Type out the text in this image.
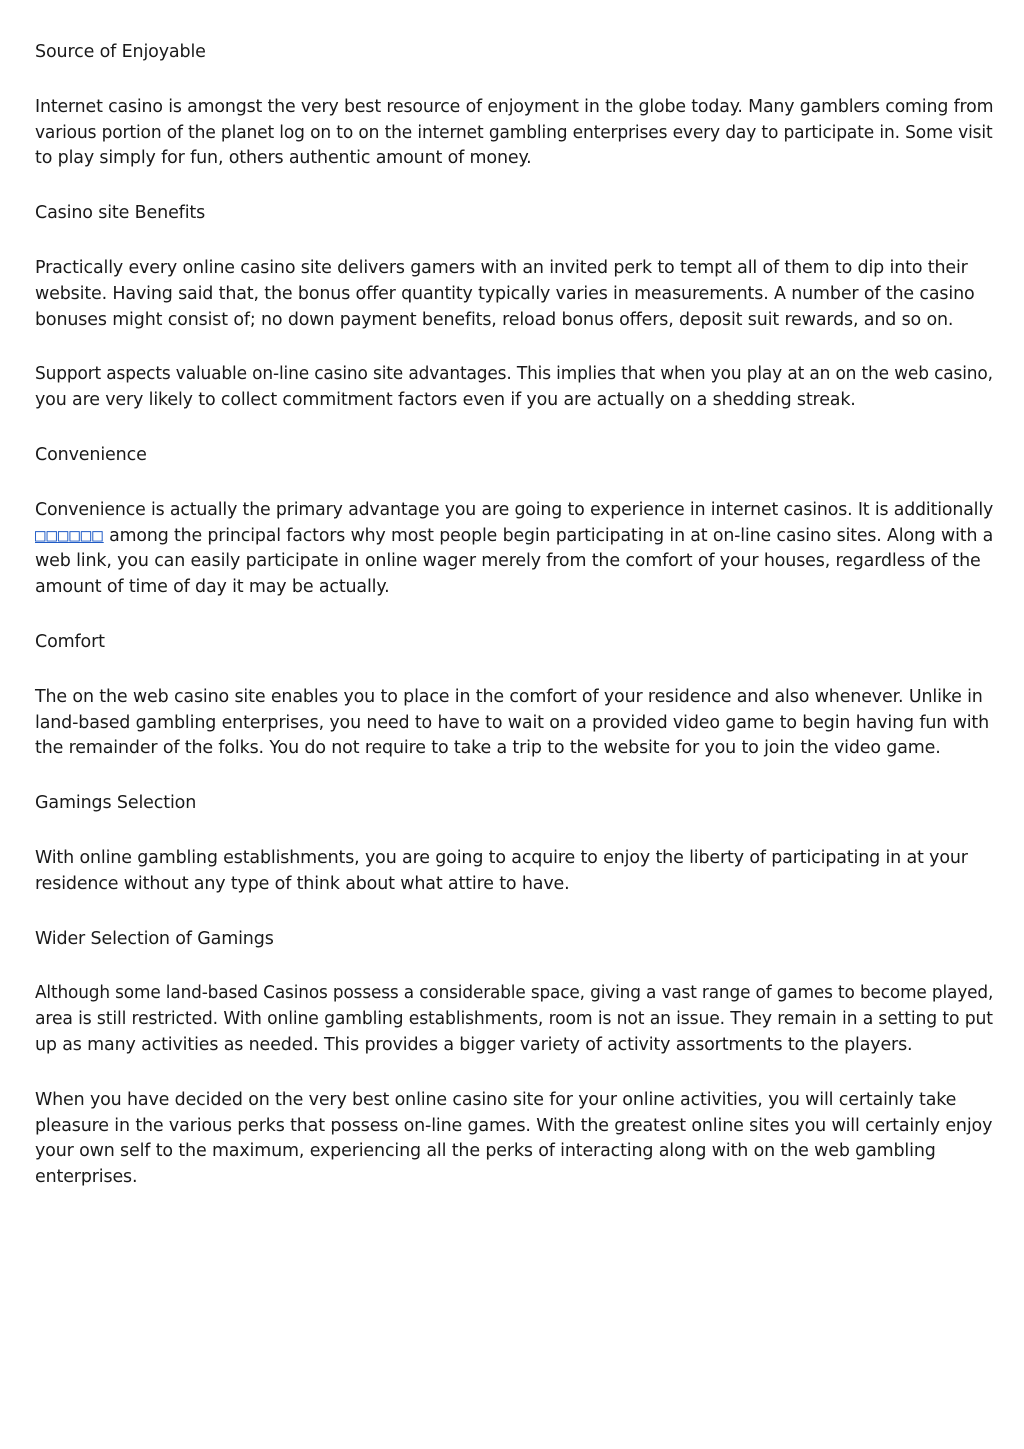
Source of Enjoyable

Internet casino is amongst the very best resource of enjoyment in the globe today. Many gamblers coming from

various portion of the planet log on to on the internet gambling enterprises every day to participate in. Some visit

to play simply for fun, others authentic amount of money.

Casino site Benefits

Practically every online casino site delivers gamers with an invited perk to tempt all of them to dip into their

website. Having said that, the bonus offer quantity typically varies in measurements. A number of the casino

bonuses might consist of; no down payment benefits, reload bonus offers, deposit suit rewards, and so on.

Support aspects valuable on-line casino site advantages. This implies that when you play at an on the web casino,

you are very likely to collect commitment factors even if you are actually on a shedding streak.

Convenience

Convenience is actually the primary advantage you are going to experience in internet casinos. It is additionally

□□□□□□ among the principal factors why most people begin participating in at on-line casino sites. Along with a

web link, you can easily participate in online wager merely from the comfort of your houses, regardless of the

amount of time of day it may be actually.

Comfort

The on the web casino site enables you to place in the comfort of your residence and also whenever. Unlike in

land-based gambling enterprises, you need to have to wait on a provided video game to begin having fun with

the remainder of the folks. You do not require to take a trip to the website for you to join the video game.

Gamings Selection

With online gambling establishments, you are going to acquire to enjoy the liberty of participating in at your

residence without any type of think about what attire to have.

Wider Selection of Gamings

Although some land-based Casinos possess a considerable space, giving a vast range of games to become played,

area is still restricted. With online gambling establishments, room is not an issue. They remain in a setting to put

up as many activities as needed. This provides a bigger variety of activity assortments to the players.

When you have decided on the very best online casino site for your online activities, you will certainly take

pleasure in the various perks that possess on-line games. With the greatest online sites you will certainly enjoy

your own self to the maximum, experiencing all the perks of interacting along with on the web gambling

enterprises.
